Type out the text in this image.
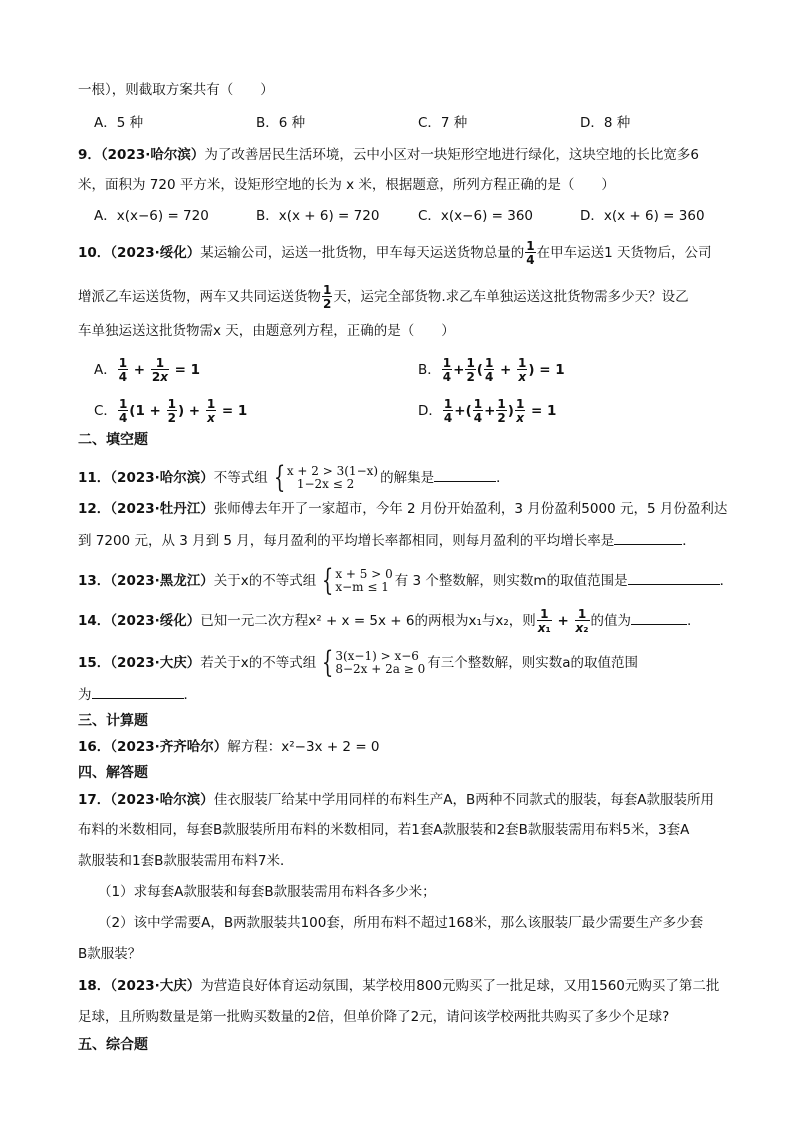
一根），则截取方案共有（　　）
A．5 种	B．6 种	C．7 种	D．8 种
9．（2023·哈尔滨）为了改善居民生活环境，云中小区对一块矩形空地进行绿化，这块空地的长比宽多6
米，面积为 720 平方米，设矩形空地的长为 x 米，根据题意，所列方程正确的是（　　）
A．x(x−6) = 720	B．x(x + 6) = 720	C．x(x−6) = 360	D．x(x + 6) = 360
10．（2023·绥化）某运输公司，运送一批货物，甲车每天运送货物总量的 $\frac{1}{4}$ 在甲车运送1 天货物后，公司
增派乙车运送货物，两车又共同运送货物 $\frac{1}{2}$ 天，运完全部货物.求乙车单独运送这批货物需多少天？设乙
车单独运送这批货物需x 天，由题意列方程，正确的是（　　）
A． $\frac{1}{4} + \frac{1}{2x} = 1$	B． $\frac{1}{4} + \frac{1}{2}$ ( $\frac{1}{4} + \frac{1}{x}$ ) = 1
C． $\frac{1}{4} (1 + \frac{1}{2}$ ) + $\frac{1}{x} = 1$	D． $\frac{1}{4}$ +( $\frac{1}{4} + \frac{1}{2}$ ) $\frac{1}{x} = 1$
二、填空题
11．（2023·哈尔滨）不等式组 { x + 2 > 3(1−x)
1−2x ≤ 2	的解集是	．
12．（2023·牡丹江）张师傅去年开了一家超市，今年 2 月份开始盈利，3 月份盈利5000 元，5 月份盈利达
到 7200 元，从 3 月到 5 月，每月盈利的平均增长率都相同，则每月盈利的平均增长率是	．
13．（2023·黑龙江）关于x的不等式组 { x + 5 > 0
x−m ≤ 1 有 3 个整数解，则实数m的取值范围是	．
14．（2023·绥化）已知一元二次方程x² + x = 5x + 6的两根为x₁与x₂，则 $\frac{1}{\text{x₁}} + \frac{1}{\text{x₂}}$ 的值为	.
15．（2023·大庆）若关于x的不等式组 { 3(x−1) > x−6
8−2x + 2a ≥ 0 有三个整数解，则实数a的取值范围
为	．
三、计算题
16．（2023·齐齐哈尔）解方程：x²−3x + 2 = 0
四、解答题
17．（2023·哈尔滨）佳衣服装厂给某中学用同样的布料生产A，B两种不同款式的服装，每套A款服装所用
布料的米数相同，每套B款服装所用布料的米数相同，若1套A款服装和2套B款服装需用布料5米，3套A
款服装和1套B款服装需用布料7米．
（1）求每套A款服装和每套B款服装需用布料各多少米；
（2）该中学需要A，B两款服装共100套，所用布料不超过168米，那么该服装厂最少需要生产多少套
B款服装？
18．（2023·大庆）为营造良好体育运动氛围，某学校用800元购买了一批足球，又用1560元购买了第二批
足球，且所购数量是第一批购买数量的2倍，但单价降了2元，请问该学校两批共购买了多少个足球?
五、综合题
